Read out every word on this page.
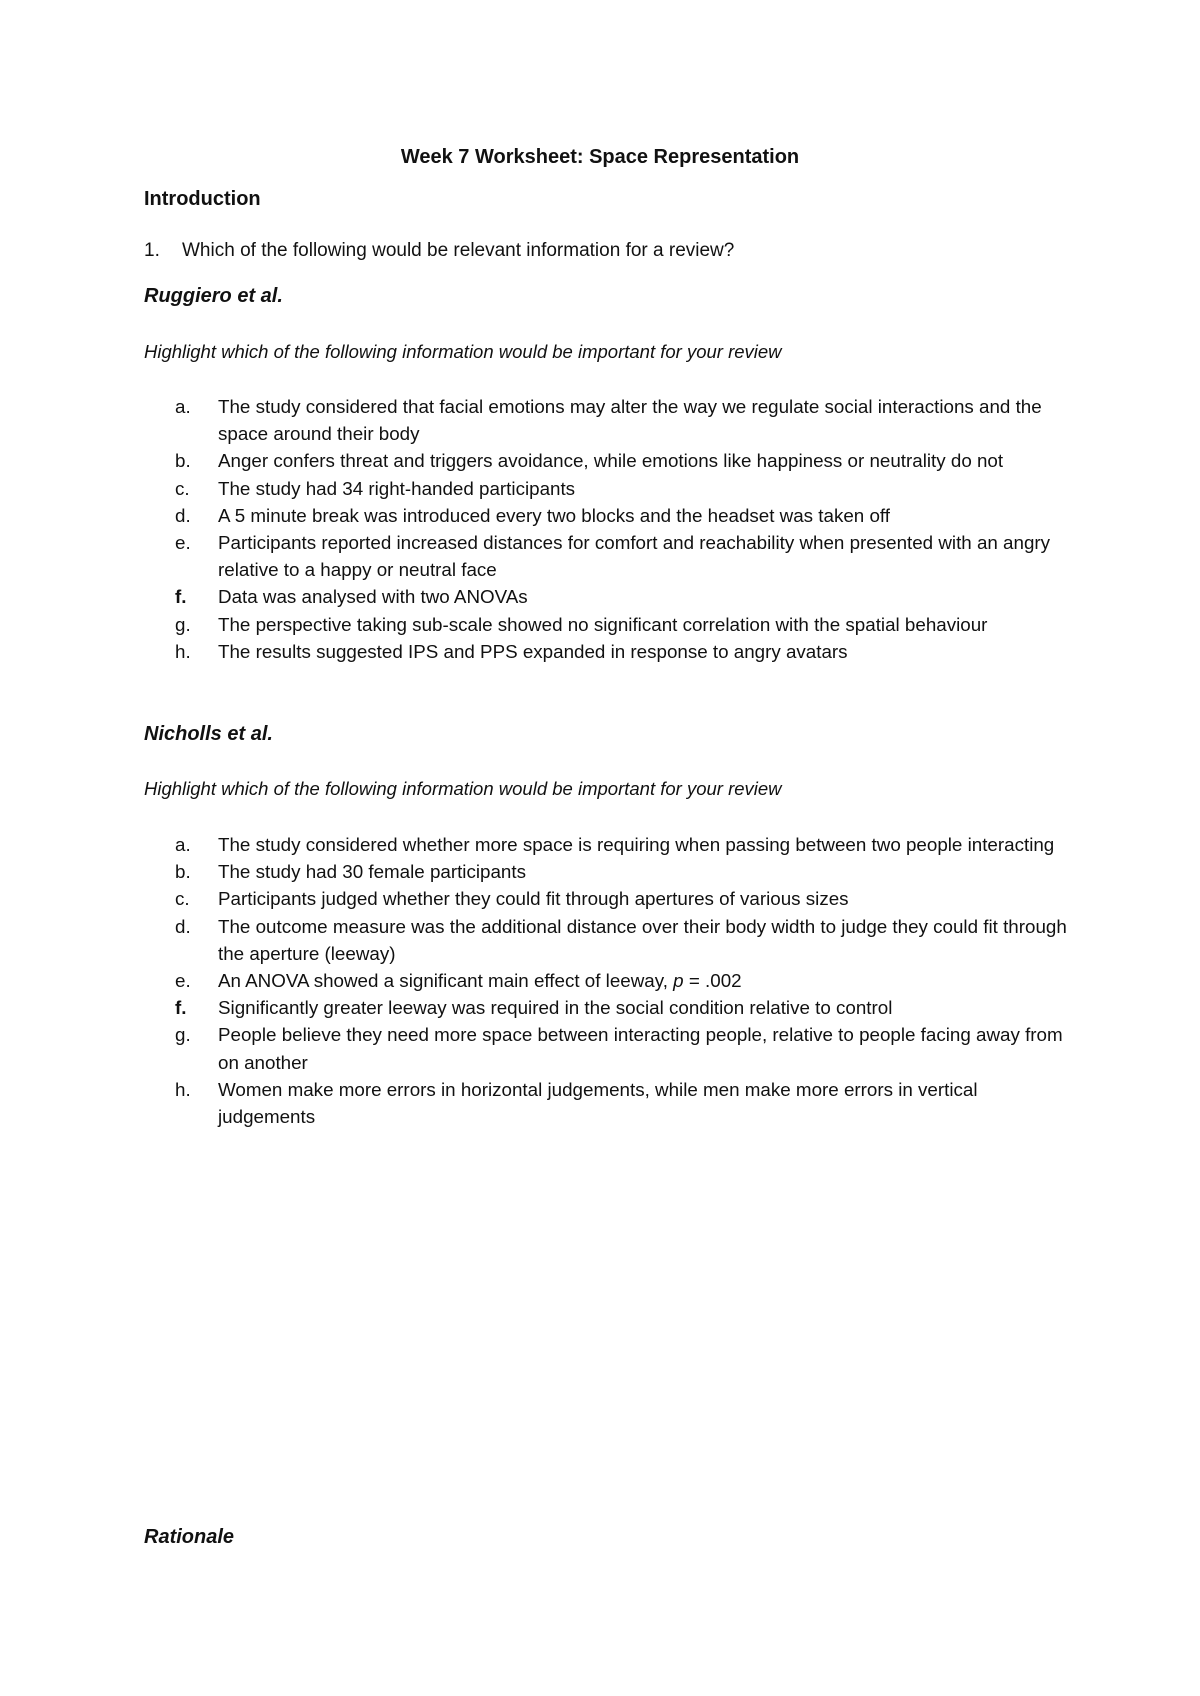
Week 7 Worksheet: Space Representation
Introduction
1. Which of the following would be relevant information for a review?
Ruggiero et al.
Highlight which of the following information would be important for your review
a.	The study considered that facial emotions may alter the way we regulate social interactions and the space around their body
b.	Anger confers threat and triggers avoidance, while emotions like happiness or neutrality do not
c.	The study had 34 right-handed participants
d.	A 5 minute break was introduced every two blocks and the headset was taken off
e.	Participants reported increased distances for comfort and reachability when presented with an angry relative to a happy or neutral face
f.	Data was analysed with two ANOVAs
g.	The perspective taking sub-scale showed no significant correlation with the spatial behaviour
h.	The results suggested IPS and PPS expanded in response to angry avatars
Nicholls et al.
Highlight which of the following information would be important for your review
a.	The study considered whether more space is requiring when passing between two people interacting
b.	The study had 30 female participants
c.	Participants judged whether they could fit through apertures of various sizes
d.	The outcome measure was the additional distance over their body width to judge they could fit through the aperture (leeway)
e.	An ANOVA showed a significant main effect of leeway, p = .002
f.	Significantly greater leeway was required in the social condition relative to control
g.	People believe they need more space between interacting people, relative to people facing away from on another
h.	Women make more errors in horizontal judgements, while men make more errors in vertical judgements
Rationale
